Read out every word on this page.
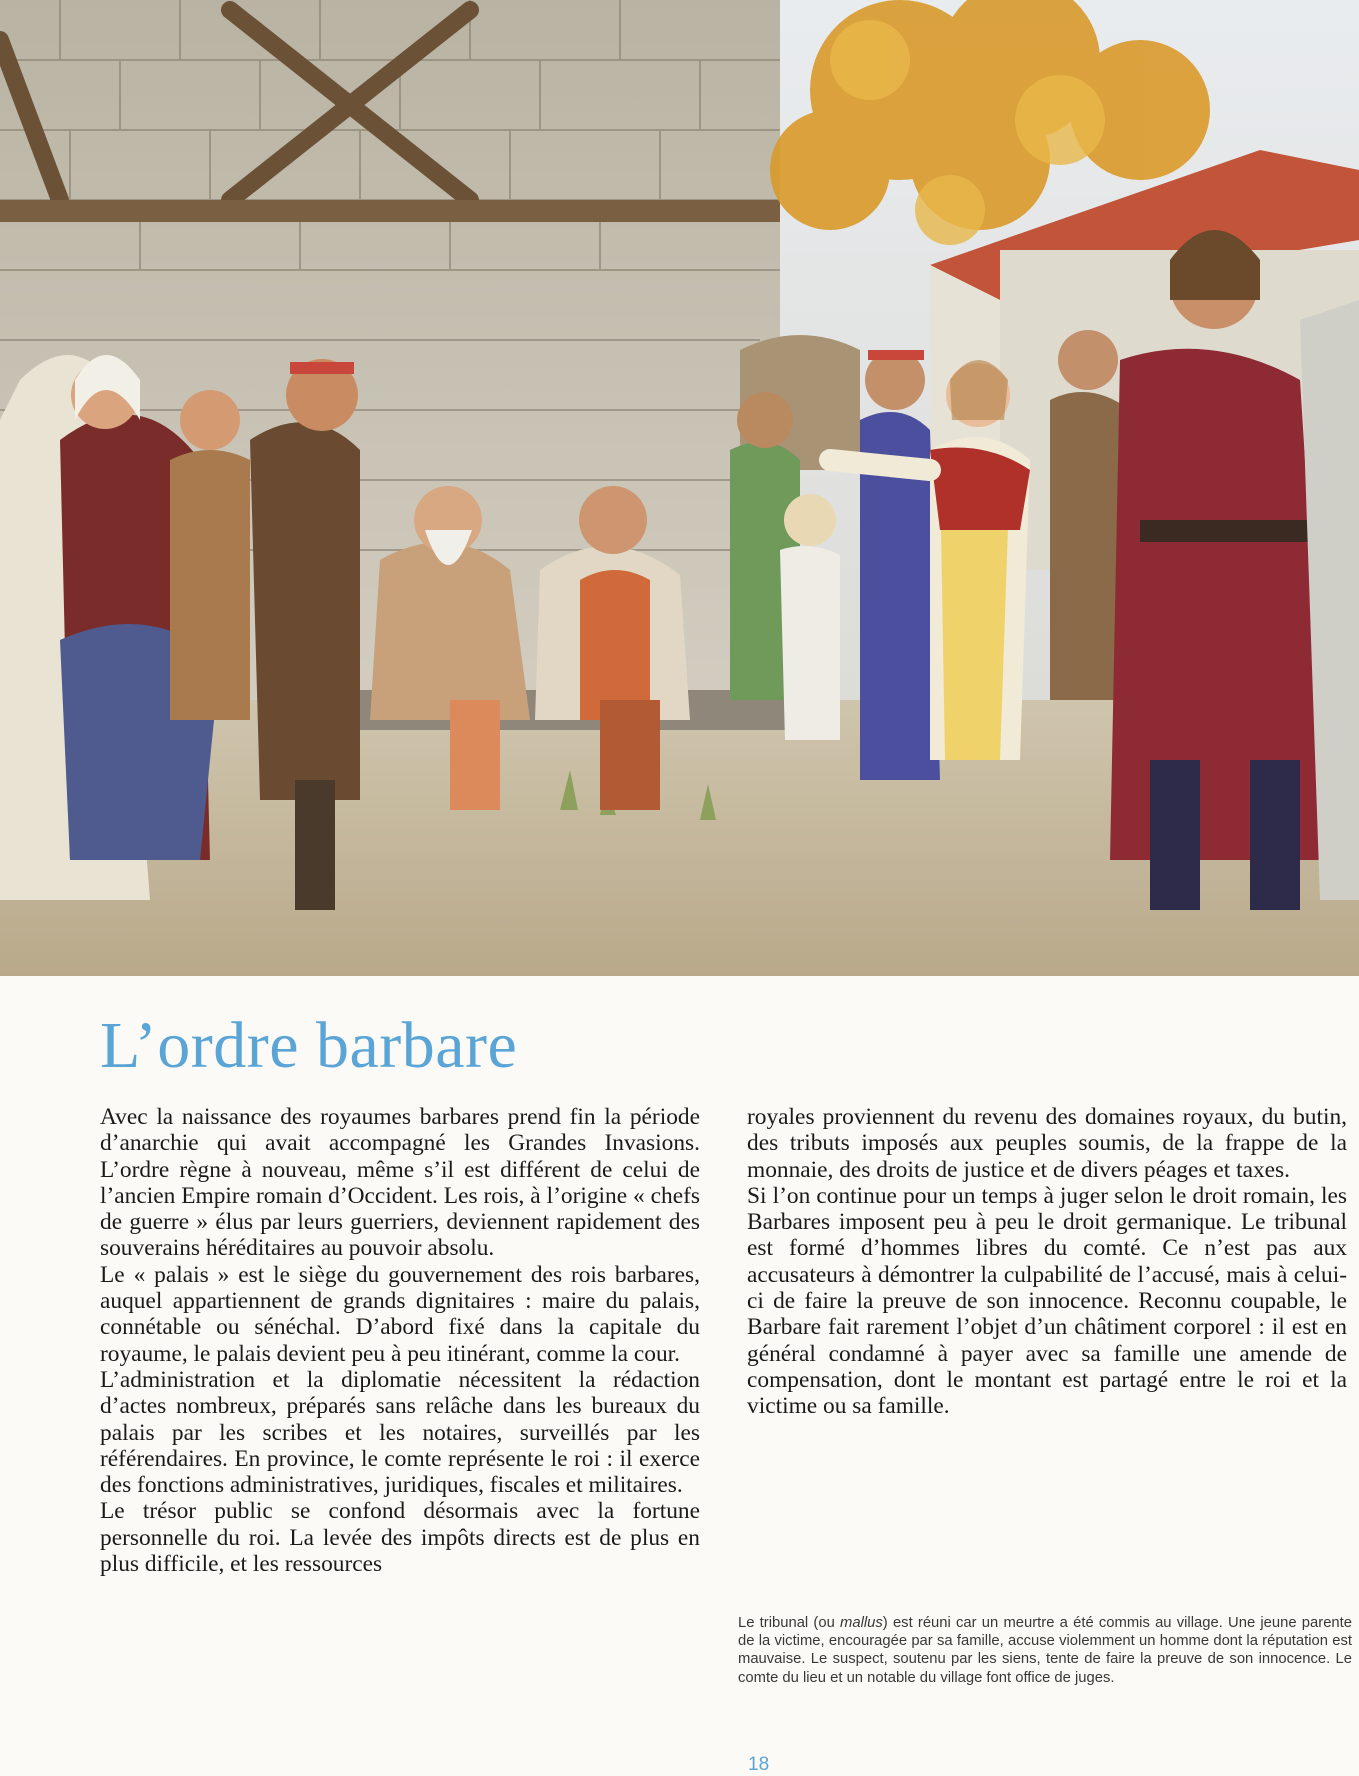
L’ordre barbare

Avec la naissance des royaumes barbares prend fin la période d’anarchie qui avait accompagné les Grandes Invasions. L’ordre règne à nouveau, même s’il est différent de celui de l’ancien Empire romain d’Occident. Les rois, à l’origine « chefs de guerre » élus par leurs guerriers, deviennent rapidement des souverains héréditaires au pouvoir absolu.

Le « palais » est le siège du gouvernement des rois barbares, auquel appartiennent de grands dignitaires : maire du palais, connétable ou sénéchal. D’abord fixé dans la capitale du royaume, le palais devient peu à peu itinérant, comme la cour.

L’administration et la diplomatie nécessitent la rédaction d’actes nombreux, préparés sans relâche dans les bureaux du palais par les scribes et les notaires, surveillés par les référendaires. En province, le comte représente le roi : il exerce des fonctions administratives, juridiques, fiscales et militaires.

Le trésor public se confond désormais avec la fortune personnelle du roi. La levée des impôts directs est de plus en plus difficile, et les ressources

royales proviennent du revenu des domaines royaux, du butin, des tributs imposés aux peuples soumis, de la frappe de la monnaie, des droits de justice et de divers péages et taxes.

Si l’on continue pour un temps à juger selon le droit romain, les Barbares imposent peu à peu le droit germanique. Le tribunal est formé d’hommes libres du comté. Ce n’est pas aux accusateurs à démontrer la culpabilité de l’accusé, mais à celui-ci de faire la preuve de son innocence. Reconnu coupable, le Barbare fait rarement l’objet d’un châtiment corporel : il est en général condamné à payer avec sa famille une amende de compensation, dont le montant est partagé entre le roi et la victime ou sa famille.

Le tribunal (ou mallus) est réuni car un meurtre a été commis au village. Une jeune parente de la victime, encouragée par sa famille, accuse violemment un homme dont la réputation est mauvaise. Le suspect, soutenu par les siens, tente de faire la preuve de son innocence. Le comte du lieu et un notable du village font office de juges.

18
